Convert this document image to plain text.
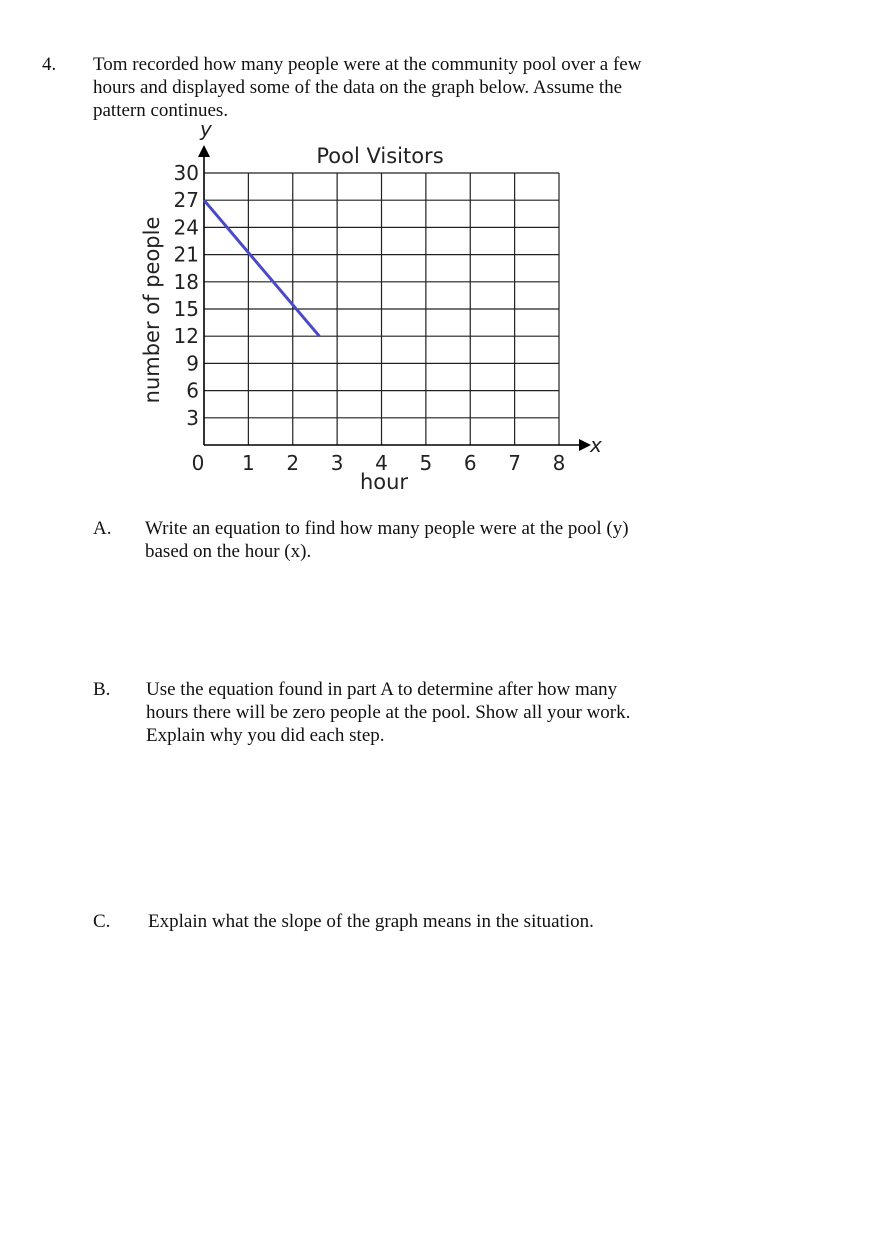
4. Tom recorded how many people were at the community pool over a few
hours and displayed some of the data on the graph below. Assume the
pattern continues.
0 1 2 3 4 5 6 7 8
3
6
9
12
15
18
21
24
27
30
Pool Visitors
hour
number of people
x
y
A. Write an equation to find how many people were at the pool (y)
based on the hour (x).
B. Use the equation found in part A to determine after how many
hours there will be zero people at the pool. Show all your work.
Explain why you did each step.
C. Explain what the slope of the graph means in the situation.
